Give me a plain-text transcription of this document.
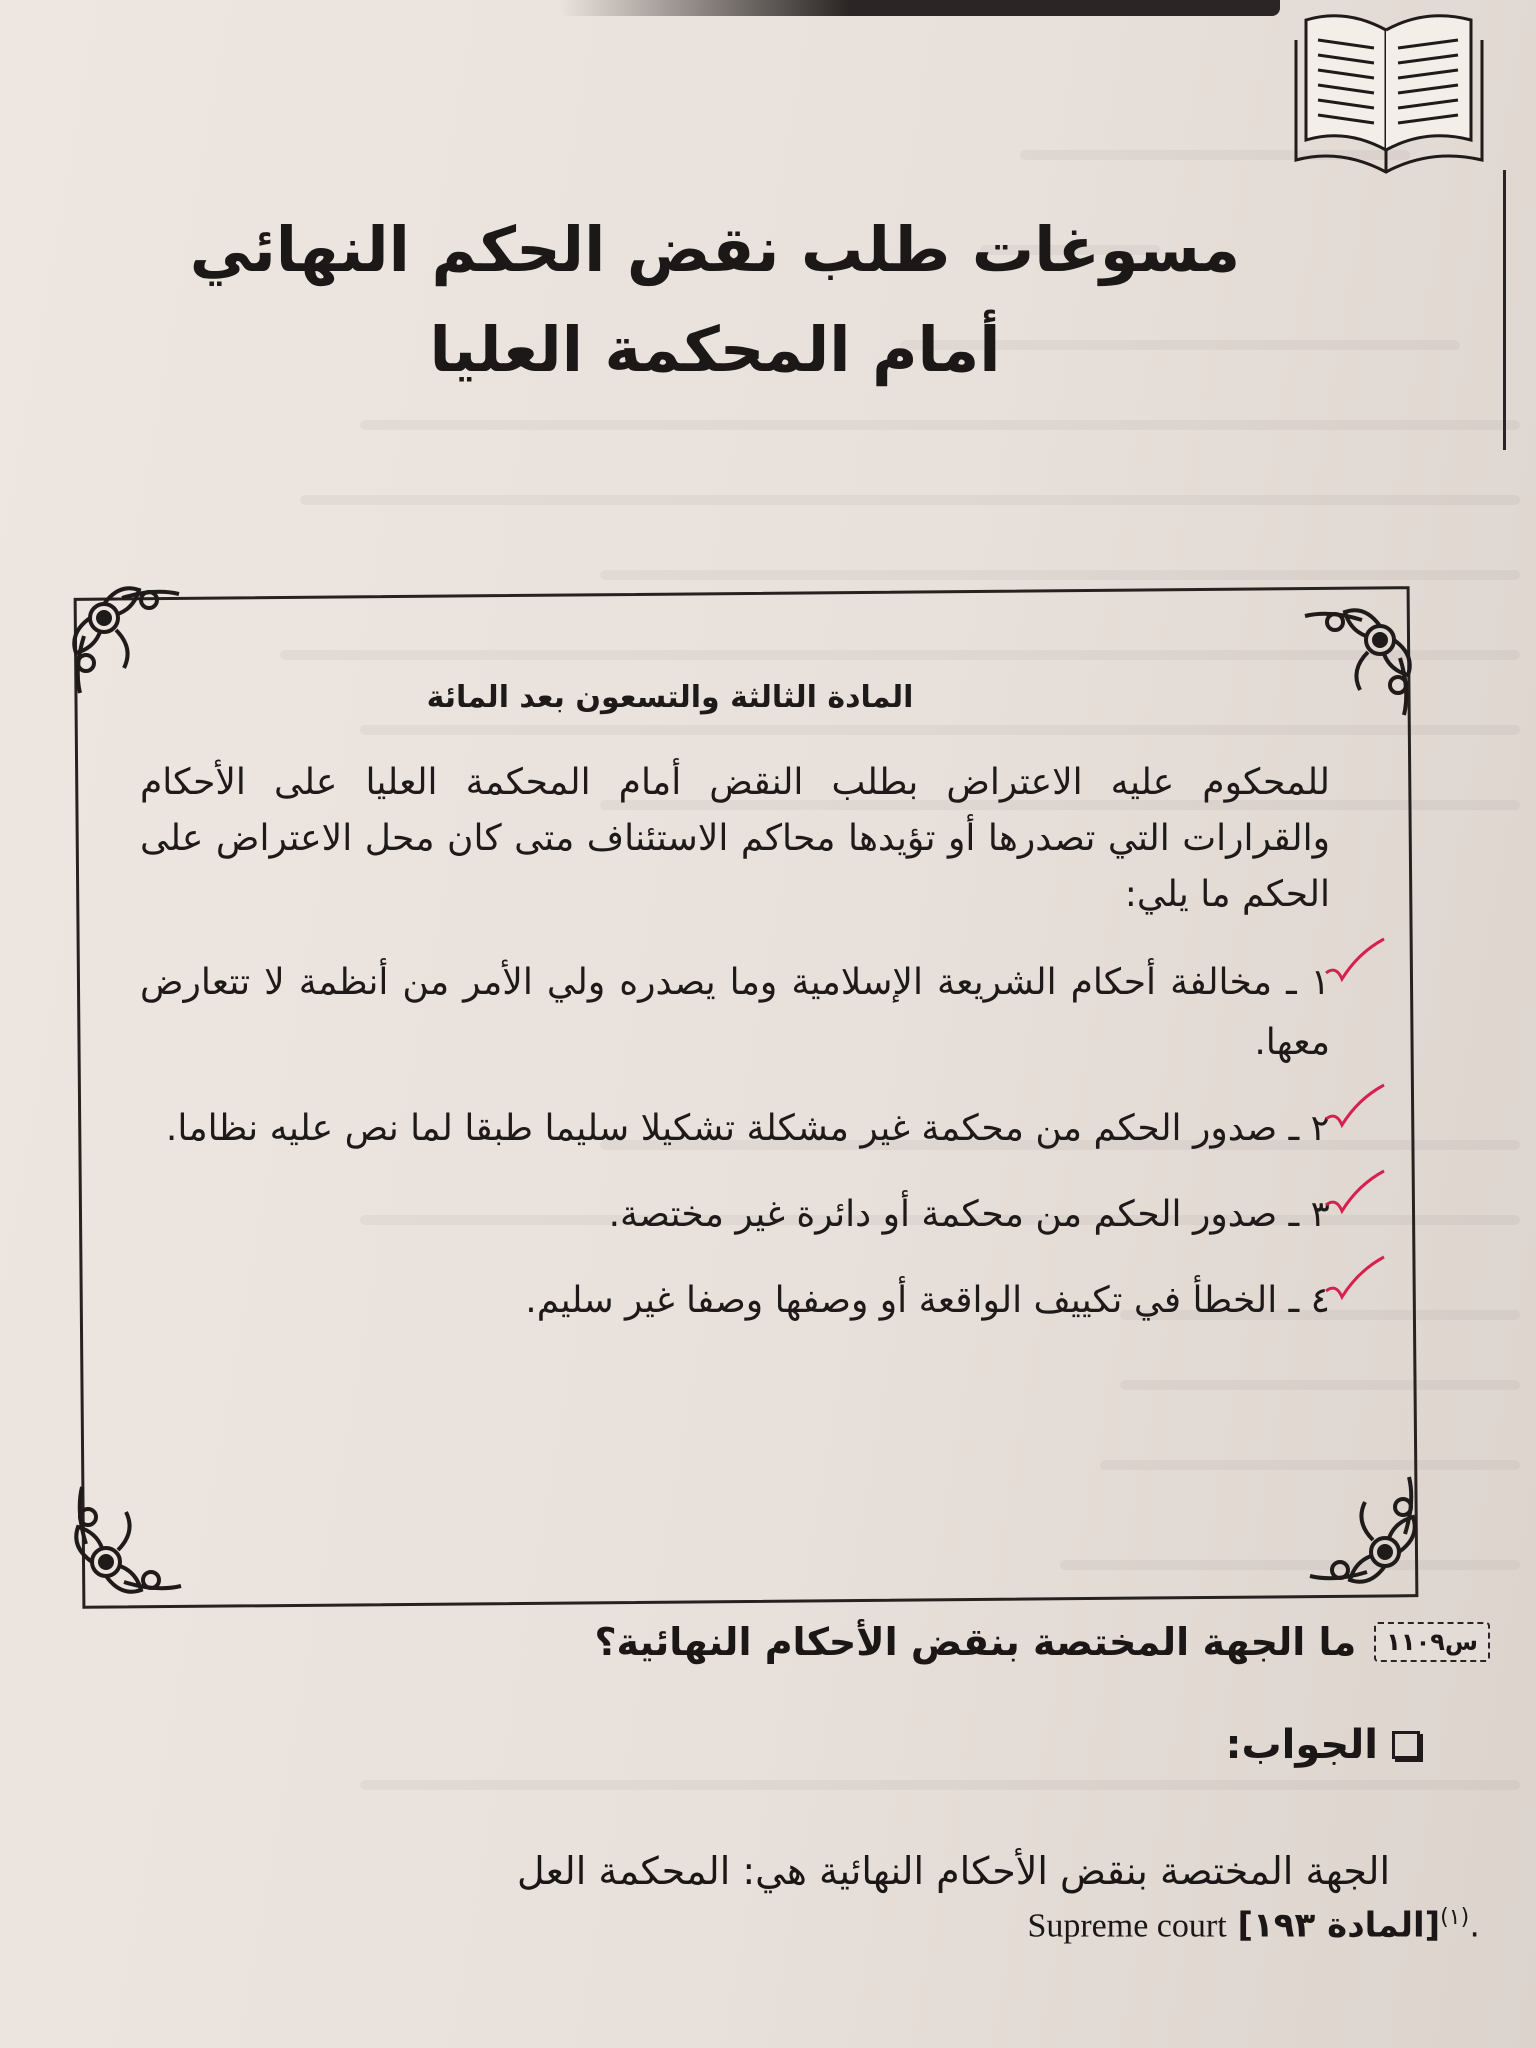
مسوغات طلب نقض الحكم النهائي
أمام المحكمة العليا
المادة الثالثة والتسعون بعد المائة
للمحكوم عليه الاعتراض بطلب النقض أمام المحكمة العليا على الأحكام والقرارات التي تصدرها أو تؤيدها محاكم الاستئناف متى كان محل الاعتراض على الحكم ما يلي:
١ ـ مخالفة أحكام الشريعة الإسلامية وما يصدره ولي الأمر من أنظمة لا تتعارض معها.
٢ ـ صدور الحكم من محكمة غير مشكلة تشكيلا سليما طبقا لما نص عليه نظاما.
٣ ـ صدور الحكم من محكمة أو دائرة غير مختصة.
٤ ـ الخطأ في تكييف الواقعة أو وصفها وصفا غير سليم.
س١١٠٩
ما الجهة المختصة بنقض الأحكام النهائية؟
الجواب:
الجهة المختصة بنقض الأحكام النهائية هي: المحكمة العل
Supreme court [المادة ١٩٣]$^{(١)}$.
